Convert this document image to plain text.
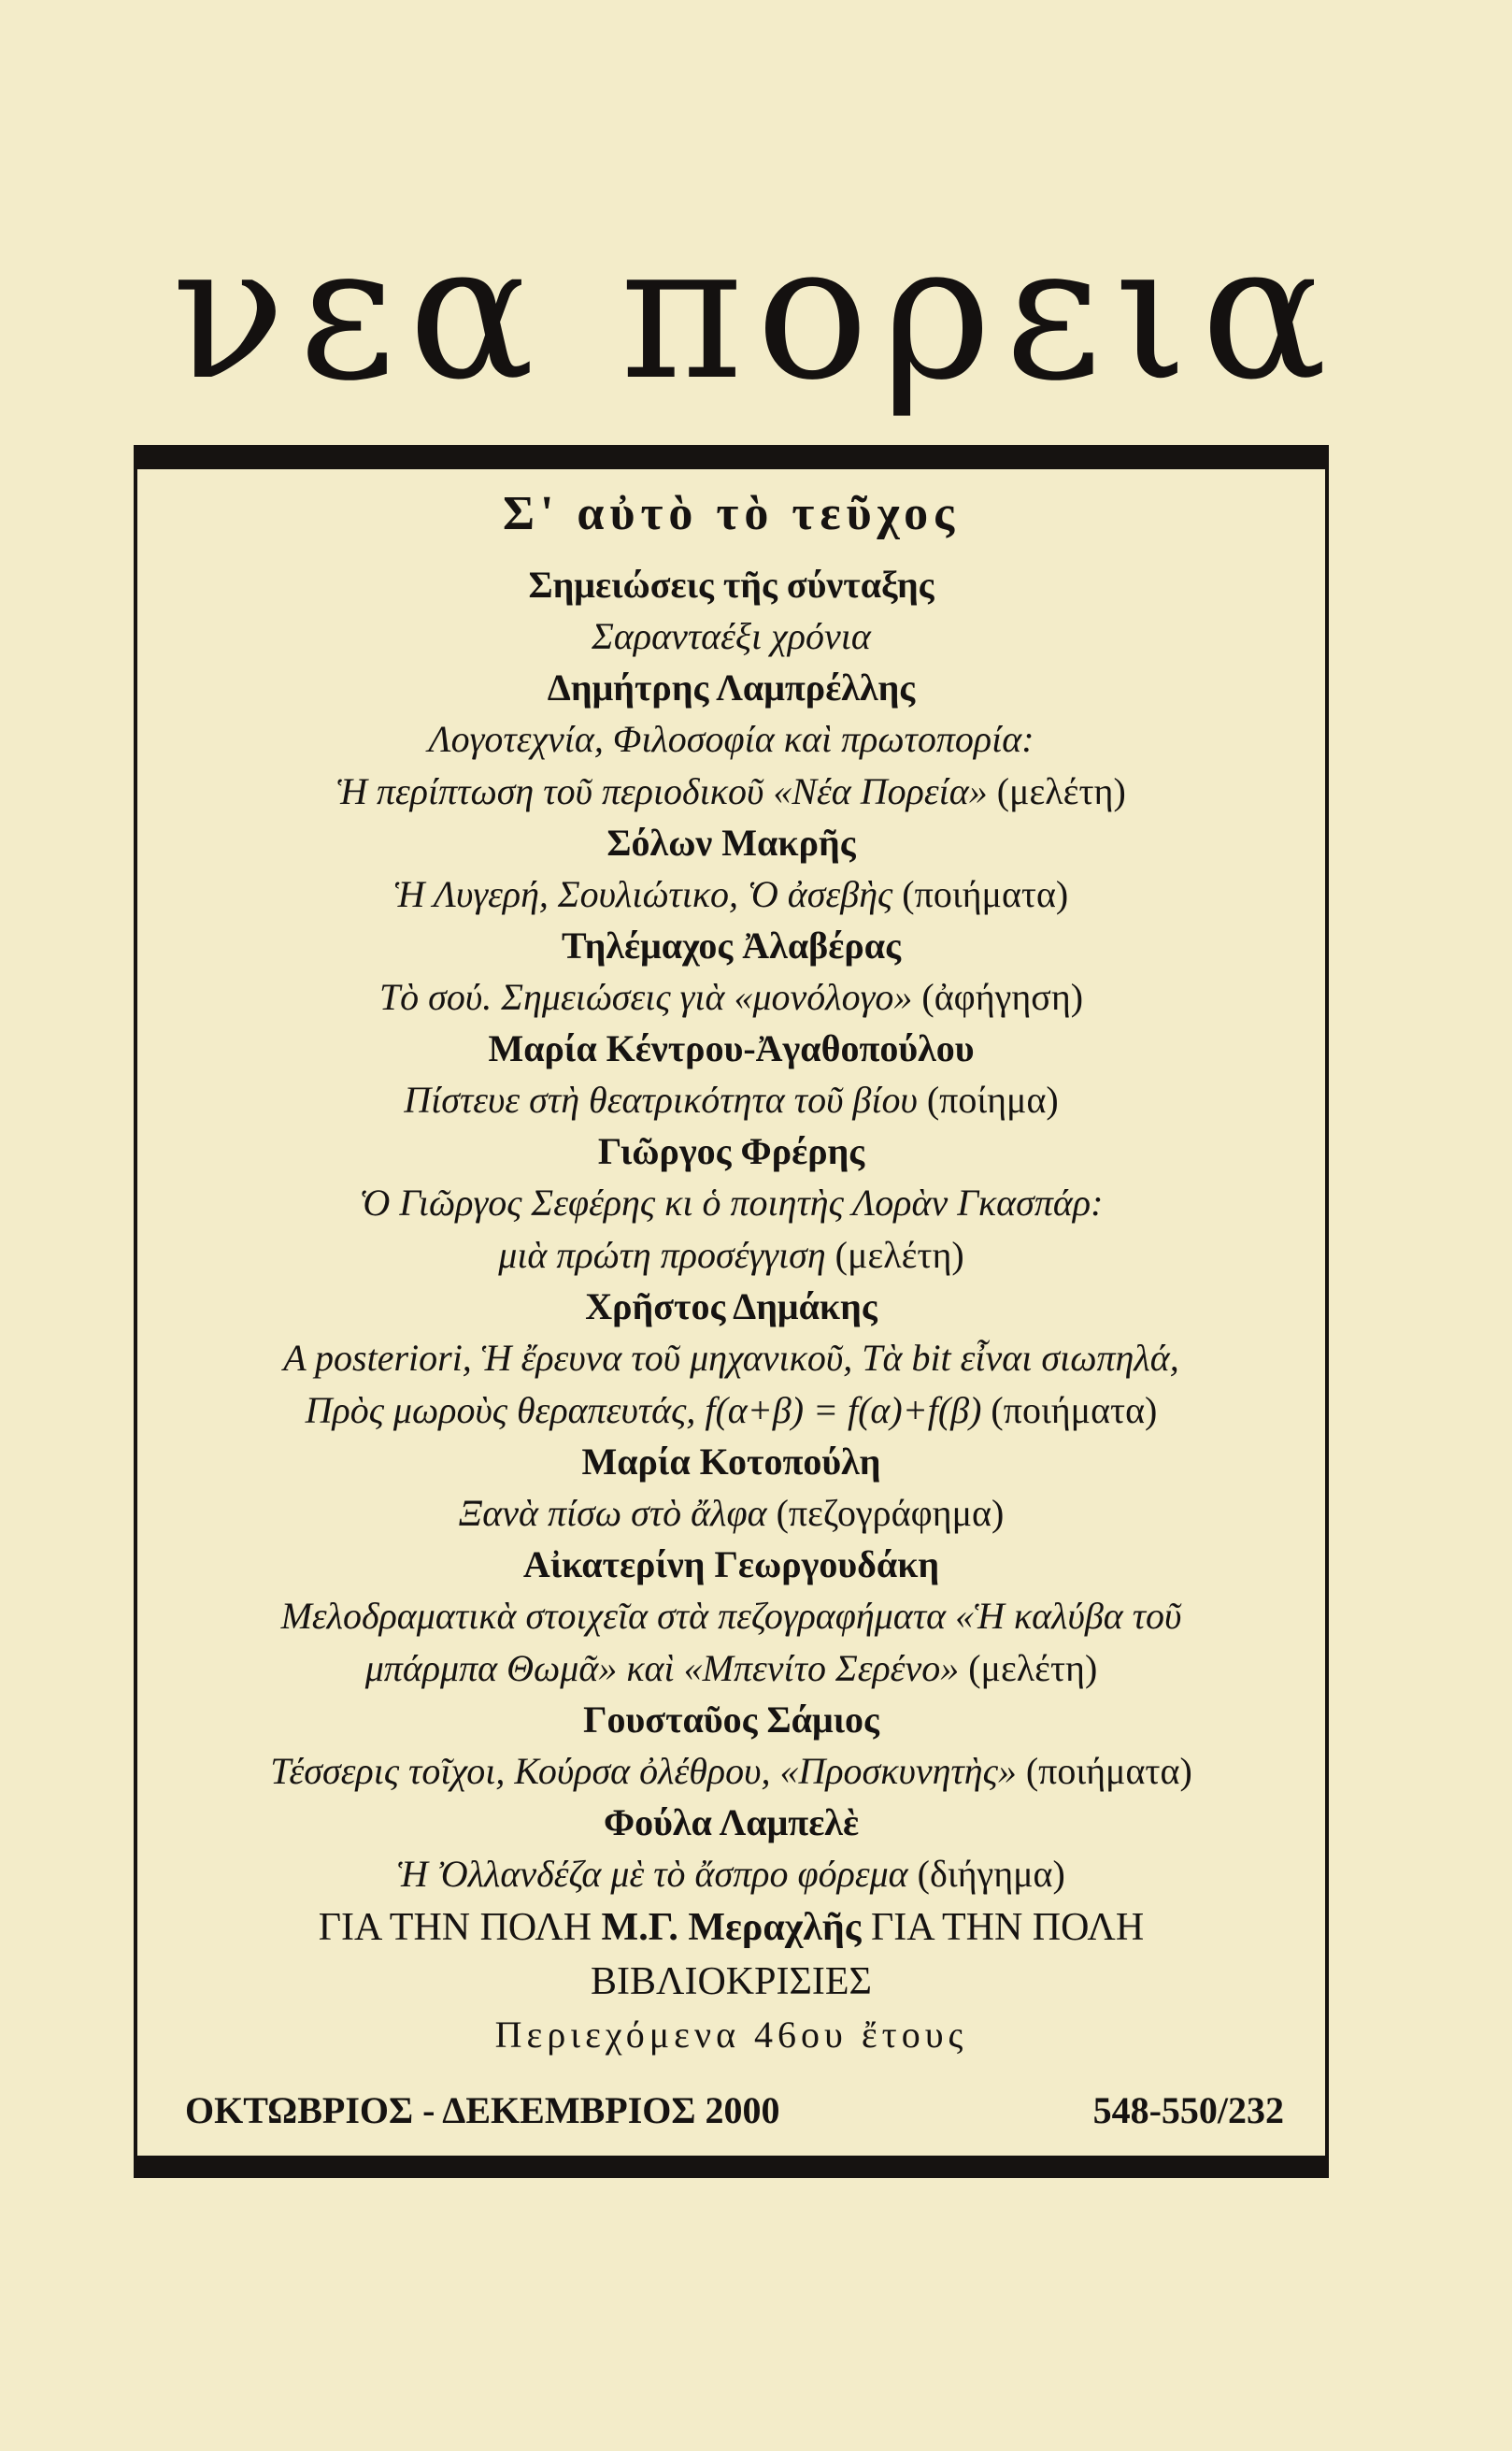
νεα πορεια
Σ' αὐτὸ τὸ τεῦχος
Σημειώσεις τῆς σύνταξης
Σαρανταέξι χρόνια
Δημήτρης Λαμπρέλλης
Λογοτεχνία, Φιλοσοφία καὶ πρωτοπορία:
Ἡ περίπτωση τοῦ περιοδικοῦ «Νέα Πορεία» (μελέτη)
Σόλων Μακρῆς
Ἡ Λυγερή, Σουλιώτικο, Ὁ ἀσεβὴς (ποιήματα)
Τηλέμαχος Ἀλαβέρας
Τὸ σού. Σημειώσεις γιὰ «μονόλογο» (ἀφήγηση)
Μαρία Κέντρου-Ἀγαθοπούλου
Πίστευε στὴ θεατρικότητα τοῦ βίου (ποίημα)
Γιῶργος Φρέρης
Ὁ Γιῶργος Σεφέρης κι ὁ ποιητὴς Λορὰν Γκασπάρ:
μιὰ πρώτη προσέγγιση (μελέτη)
Χρῆστος Δημάκης
A posteriori, Ἡ ἔρευνα τοῦ μηχανικοῦ, Τὰ bit εἶναι σιωπηλά,
Πρὸς μωροὺς θεραπευτάς, f(α+β) = f(α)+f(β) (ποιήματα)
Μαρία Κοτοπούλη
Ξανὰ πίσω στὸ ἄλφα (πεζογράφημα)
Αἰκατερίνη Γεωργουδάκη
Μελοδραματικὰ στοιχεῖα στὰ πεζογραφήματα «Ἡ καλύβα τοῦ
μπάρμπα Θωμᾶ» καὶ «Μπενίτο Σερένο» (μελέτη)
Γουσταῦος Σάμιος
Τέσσερις τοῖχοι, Κούρσα ὀλέθρου, «Προσκυνητὴς» (ποιήματα)
Φούλα Λαμπελὲ
Ἡ Ὀλλανδέζα μὲ τὸ ἄσπρο φόρεμα (διήγημα)
ΓΙΑ ΤΗΝ ΠΟΛΗ Μ.Γ. Μεραχλῆς ΓΙΑ ΤΗΝ ΠΟΛΗ
ΒΙΒΛΙΟΚΡΙΣΙΕΣ
Περιεχόμενα 46ου ἔτους
ΟΚΤΩΒΡΙΟΣ - ΔΕΚΕΜΒΡΙΟΣ 2000	548-550/232
